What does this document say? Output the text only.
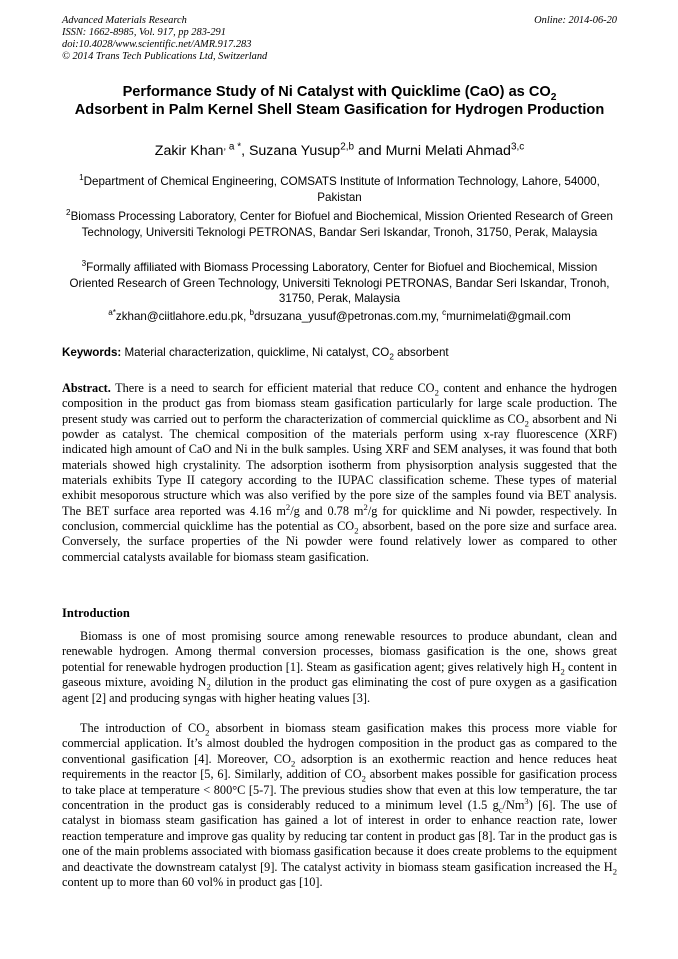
Advanced Materials Research
ISSN: 1662-8985, Vol. 917, pp 283-291
doi:10.4028/www.scientific.net/AMR.917.283
© 2014 Trans Tech Publications Ltd, Switzerland
Online: 2014-06-20
Performance Study of Ni Catalyst with Quicklime (CaO) as $CO_2$
Adsorbent in Palm Kernel Shell Steam Gasification for Hydrogen Production
Zakir Khan$^{, a *}$, Suzana Yusup$^{2,b}$ and Murni Melati Ahmad$^{3,c}$
$^1$Department of Chemical Engineering, COMSATS Institute of Information Technology, Lahore, 54000, Pakistan
$^2$Biomass Processing Laboratory, Center for Biofuel and Biochemical, Mission Oriented Research of Green Technology, Universiti Teknologi PETRONAS, Bandar Seri Iskandar, Tronoh, 31750, Perak, Malaysia
$^3$Formally affiliated with Biomass Processing Laboratory, Center for Biofuel and Biochemical, Mission Oriented Research of Green Technology, Universiti Teknologi PETRONAS, Bandar Seri Iskandar, Tronoh, 31750, Perak, Malaysia
$^{a*}$zkhan@ciitlahore.edu.pk, $^b$drsuzana_yusuf@petronas.com.my, $^c$murnimelati@gmail.com
Keywords: Material characterization, quicklime, Ni catalyst, $CO_2$ absorbent
Abstract. There is a need to search for efficient material that reduce $CO_2$ content and enhance the hydrogen composition in the product gas from biomass steam gasification particularly for large scale production. The present study was carried out to perform the characterization of commercial quicklime as $CO_2$ absorbent and Ni powder as catalyst. The chemical composition of the materials perform using x-ray fluorescence (XRF) indicated high amount of CaO and Ni in the bulk samples. Using XRF and SEM analyses, it was found that both materials showed high crystalinity. The adsorption isotherm from physisorption analysis suggested that the materials exhibits Type II category according to the IUPAC classification scheme. These types of material exhibit mesoporous structure which was also verified by the pore size of the samples found via BET analysis. The BET surface area reported was 4.16 $m^2/g$ and 0.78 $m^2/g$ for quicklime and Ni powder, respectively. In conclusion, commercial quicklime has the potential as $CO_2$ absorbent, based on the pore size and surface area. Conversely, the surface properties of the Ni powder were found relatively lower as compared to other commercial catalysts available for biomass steam gasification.
Introduction
Biomass is one of most promising source among renewable resources to produce abundant, clean and renewable hydrogen. Among thermal conversion processes, biomass gasification is the one, shows great potential for renewable hydrogen production [1]. Steam as gasification agent; gives relatively high $H_2$ content in gaseous mixture, avoiding $N_2$ dilution in the product gas eliminating the cost of pure oxygen as a gasification agent [2] and producing syngas with higher heating values [3].
The introduction of $CO_2$ absorbent in biomass steam gasification makes this process more viable for commercial application. It’s almost doubled the hydrogen composition in the product gas as compared to the conventional gasification [4]. Moreover, $CO_2$ adsorption is an exothermic reaction and hence reduces heat requirements in the reactor [5, 6]. Similarly, addition of $CO_2$ absorbent makes possible for gasification process to take place at temperature < 800°C [5-7]. The previous studies show that even at this low temperature, the tar concentration in the product gas is considerably reduced to a minimum level (1.5 $g_c/Nm^3$) [6]. The use of catalyst in biomass steam gasification has gained a lot of interest in order to enhance reaction rate, lower reaction temperature and improve gas quality by reducing tar content in product gas [8]. Tar in the product gas is one of the main problems associated with biomass gasification because it does create problems to the equipment and deactivate the downstream catalyst [9]. The catalyst activity in biomass steam gasification increased the $H_2$ content up to more than 60 vol% in product gas [10].
